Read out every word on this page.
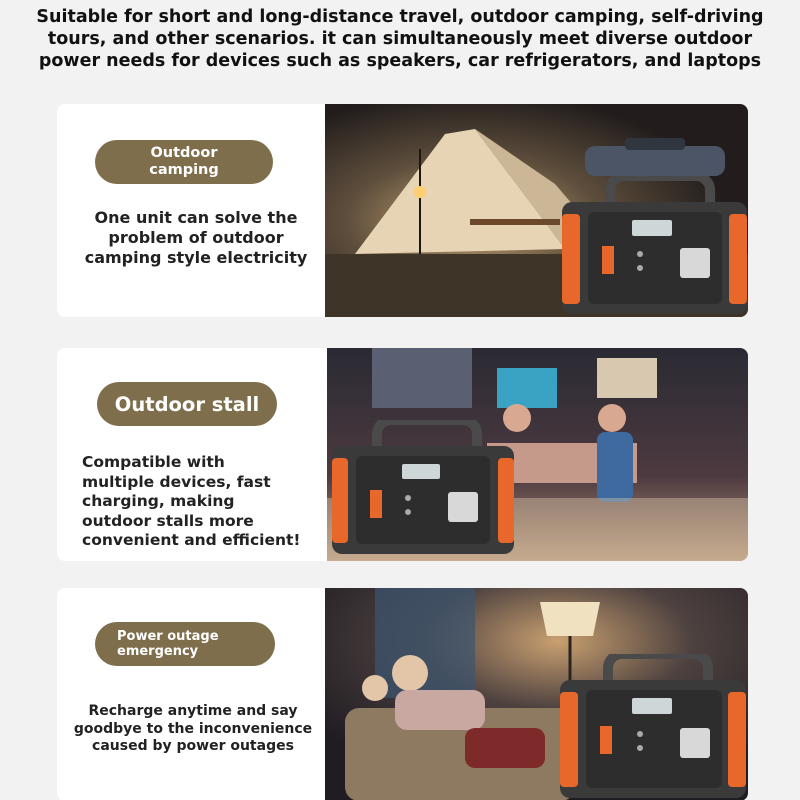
Suitable for short and long-distance travel, outdoor camping, self-driving
tours, and other scenarios. it can simultaneously meet diverse outdoor
power needs for devices such as speakers, car refrigerators, and laptops
Outdoor
camping
One unit can solve the
problem of outdoor
camping style electricity
Outdoor stall
Compatible with
multiple devices, fast
charging, making
outdoor stalls more
convenient and efficient!
Power outage
emergency
Recharge anytime and say
goodbye to the inconvenience
caused by power outages
